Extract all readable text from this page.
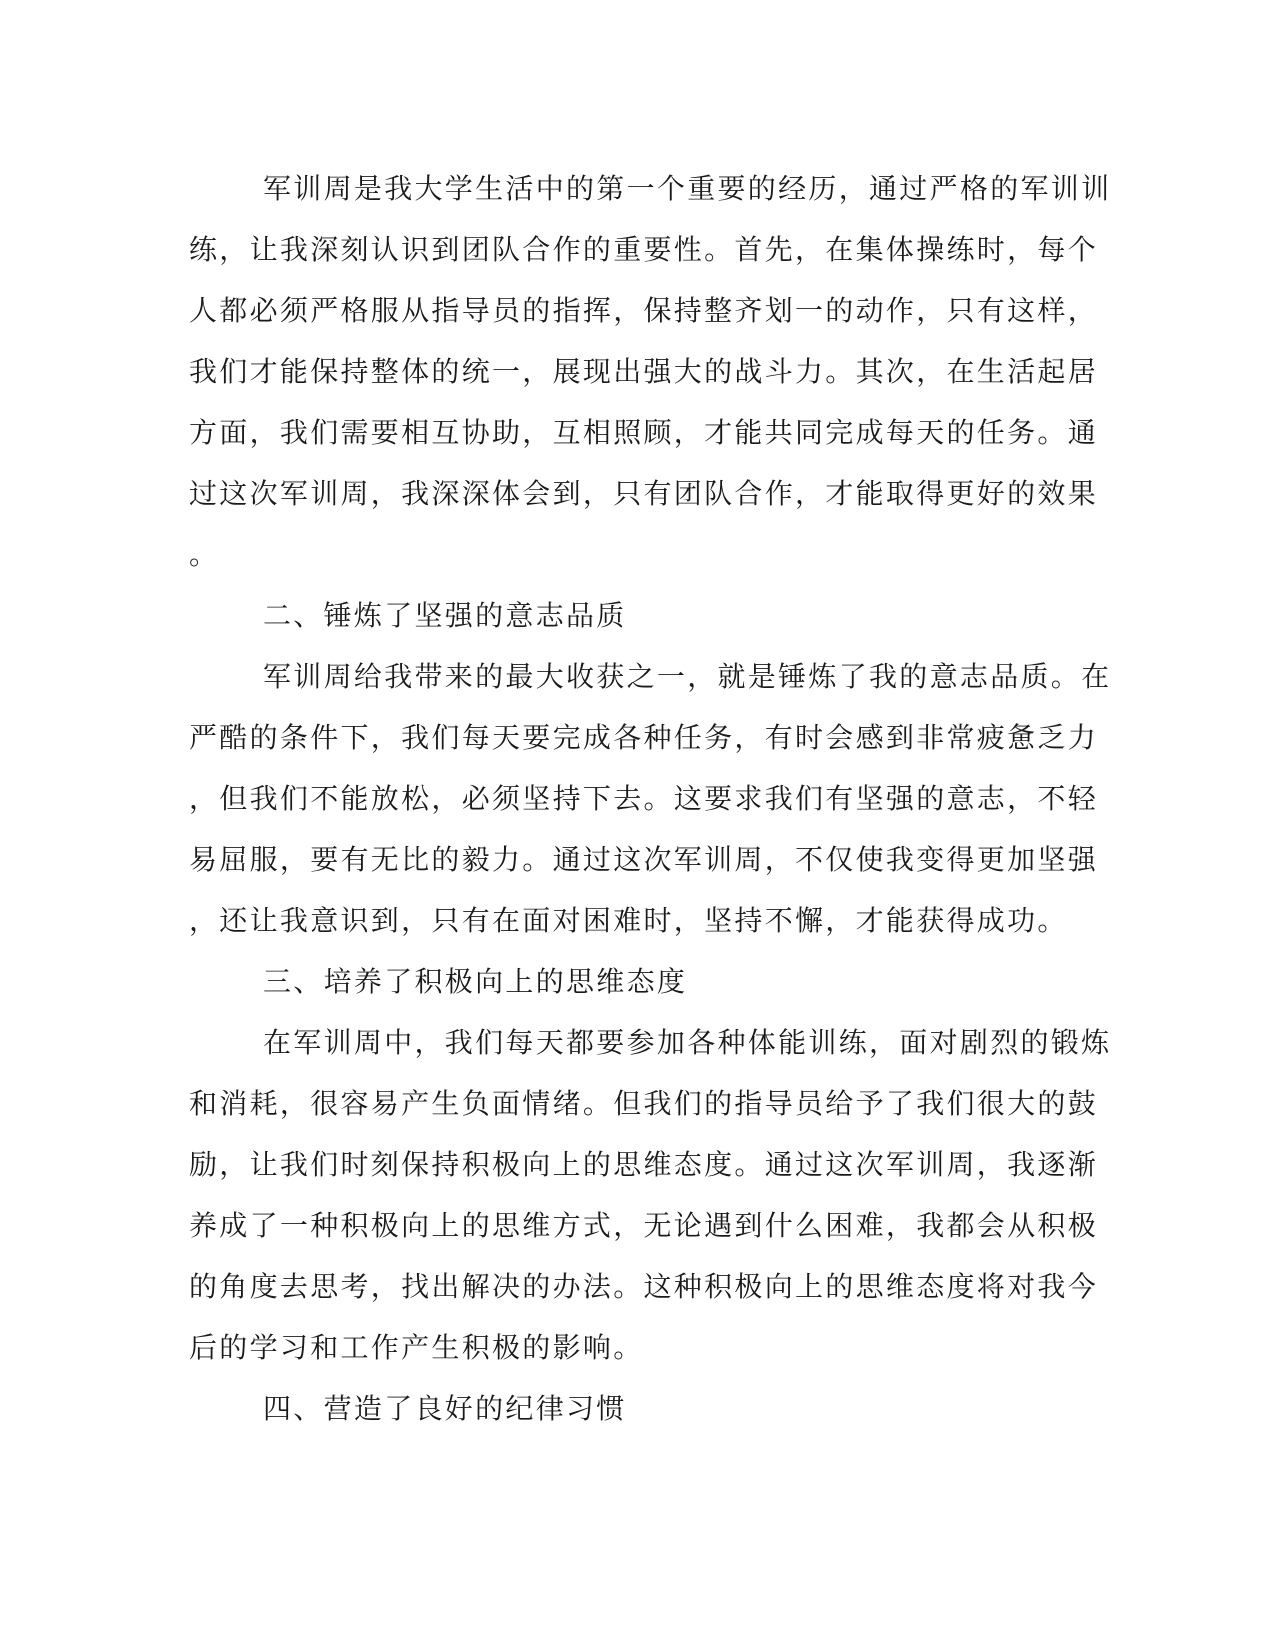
军训周是我大学生活中的第一个重要的经历，通过严格的军训训
练，让我深刻认识到团队合作的重要性。首先，在集体操练时，每个
人都必须严格服从指导员的指挥，保持整齐划一的动作，只有这样，
我们才能保持整体的统一，展现出强大的战斗力。其次，在生活起居
方面，我们需要相互协助，互相照顾，才能共同完成每天的任务。通
过这次军训周，我深深体会到，只有团队合作，才能取得更好的效果
。
二、锤炼了坚强的意志品质
军训周给我带来的最大收获之一，就是锤炼了我的意志品质。在
严酷的条件下，我们每天要完成各种任务，有时会感到非常疲惫乏力
，但我们不能放松，必须坚持下去。这要求我们有坚强的意志，不轻
易屈服，要有无比的毅力。通过这次军训周，不仅使我变得更加坚强
，还让我意识到，只有在面对困难时，坚持不懈，才能获得成功。
三、培养了积极向上的思维态度
在军训周中，我们每天都要参加各种体能训练，面对剧烈的锻炼
和消耗，很容易产生负面情绪。但我们的指导员给予了我们很大的鼓
励，让我们时刻保持积极向上的思维态度。通过这次军训周，我逐渐
养成了一种积极向上的思维方式，无论遇到什么困难，我都会从积极
的角度去思考，找出解决的办法。这种积极向上的思维态度将对我今
后的学习和工作产生积极的影响。
四、营造了良好的纪律习惯
